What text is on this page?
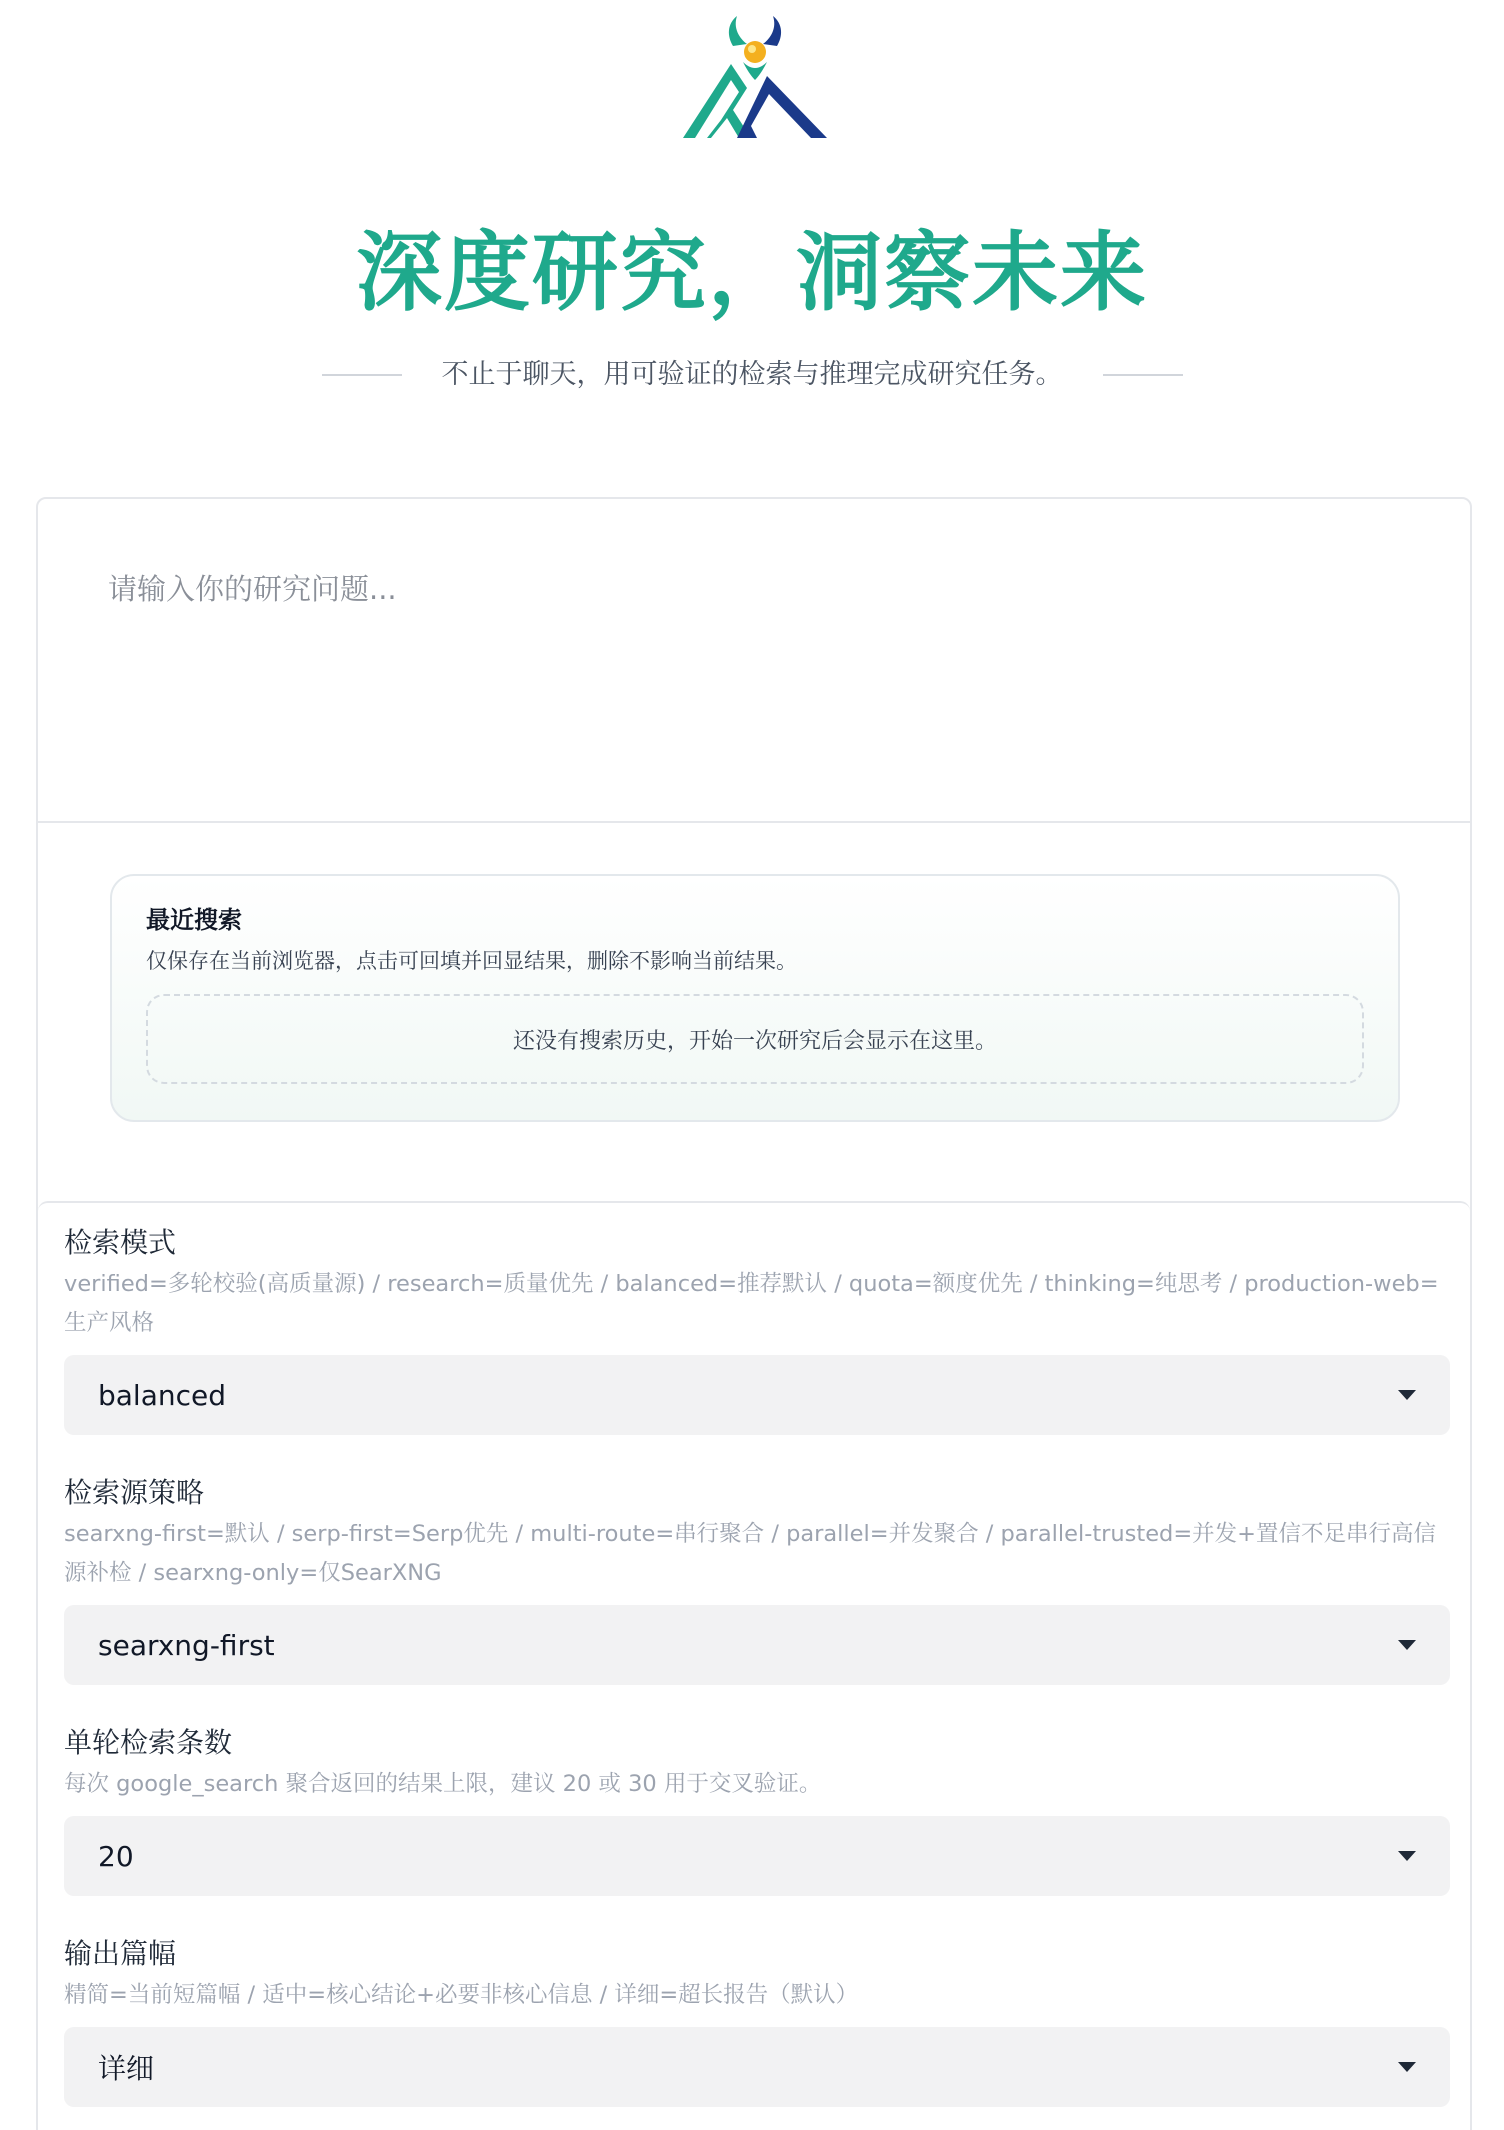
深度研究，洞察未来
不止于聊天，用可验证的检索与推理完成研究任务。
请输入你的研究问题...
最近搜索
仅保存在当前浏览器，点击可回填并回显结果，删除不影响当前结果。
还没有搜索历史，开始一次研究后会显示在这里。
检索模式
verified=多轮校验(高质量源) / research=质量优先 / balanced=推荐默认 / quota=额度优先 / thinking=纯思考 / production-web=生产风格
balanced
检索源策略
searxng-first=默认 / serp-first=Serp优先 / multi-route=串行聚合 / parallel=并发聚合 / parallel-trusted=并发+置信不足串行高信源补检 / searxng-only=仅SearXNG
searxng-first
单轮检索条数
每次 google_search 聚合返回的结果上限，建议 20 或 30 用于交叉验证。
20
输出篇幅
精简=当前短篇幅 / 适中=核心结论+必要非核心信息 / 详细=超长报告（默认）
详细
